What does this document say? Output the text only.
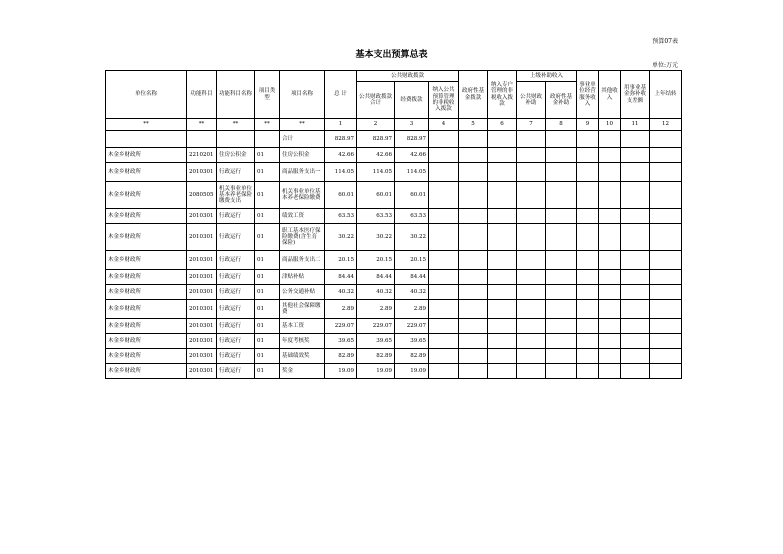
预算07表
基本支出预算总表
单位:万元
单位名称	功能科目	功能科目名称	项目类型	项目名称	总 计	公共财政拨款			政府性基金拨款	纳入专户管理的非税收入拨款	上级补助收入		事业单位经营服务收入	其他收入	用事业基金弥补收支差额	上年结转
						公共财政拨款合计	经费拨款	纳入公共预算管理的非税收入拨款			公共财政补助	政府性基金补助				
**	**	**	**	**	1	2	3	4	5	6	7	8	9	10	11	12
				合计	828.97	828.97	828.97									
木金乡财政所	2210201	住房公积金	01	住房公积金	42.66	42.66	42.66									
木金乡财政所	2010301	行政运行	01	商品服务支出一	114.05	114.05	114.05									
木金乡财政所	2080505	机关事业单位基本养老保险缴费支出	01	机关事业单位基本养老保险缴费	60.01	60.01	60.01									
木金乡财政所	2010301	行政运行	01	绩效工资	63.53	63.53	63.53									
木金乡财政所	2010301	行政运行	01	职工基本医疗保险缴费(含生育保险)	30.22	30.22	30.22									
木金乡财政所	2010301	行政运行	01	商品服务支出二	20.15	20.15	20.15									
木金乡财政所	2010301	行政运行	01	津贴补贴	84.44	84.44	84.44									
木金乡财政所	2010301	行政运行	01	公务交通补贴	40.32	40.32	40.32									
木金乡财政所	2010301	行政运行	01	其他社会保障缴费	2.89	2.89	2.89									
木金乡财政所	2010301	行政运行	01	基本工资	229.07	229.07	229.07									
木金乡财政所	2010301	行政运行	01	年度考核奖	39.65	39.65	39.65									
木金乡财政所	2010301	行政运行	01	基础绩效奖	82.89	82.89	82.89									
木金乡财政所	2010301	行政运行	01	奖金	19.09	19.09	19.09									
